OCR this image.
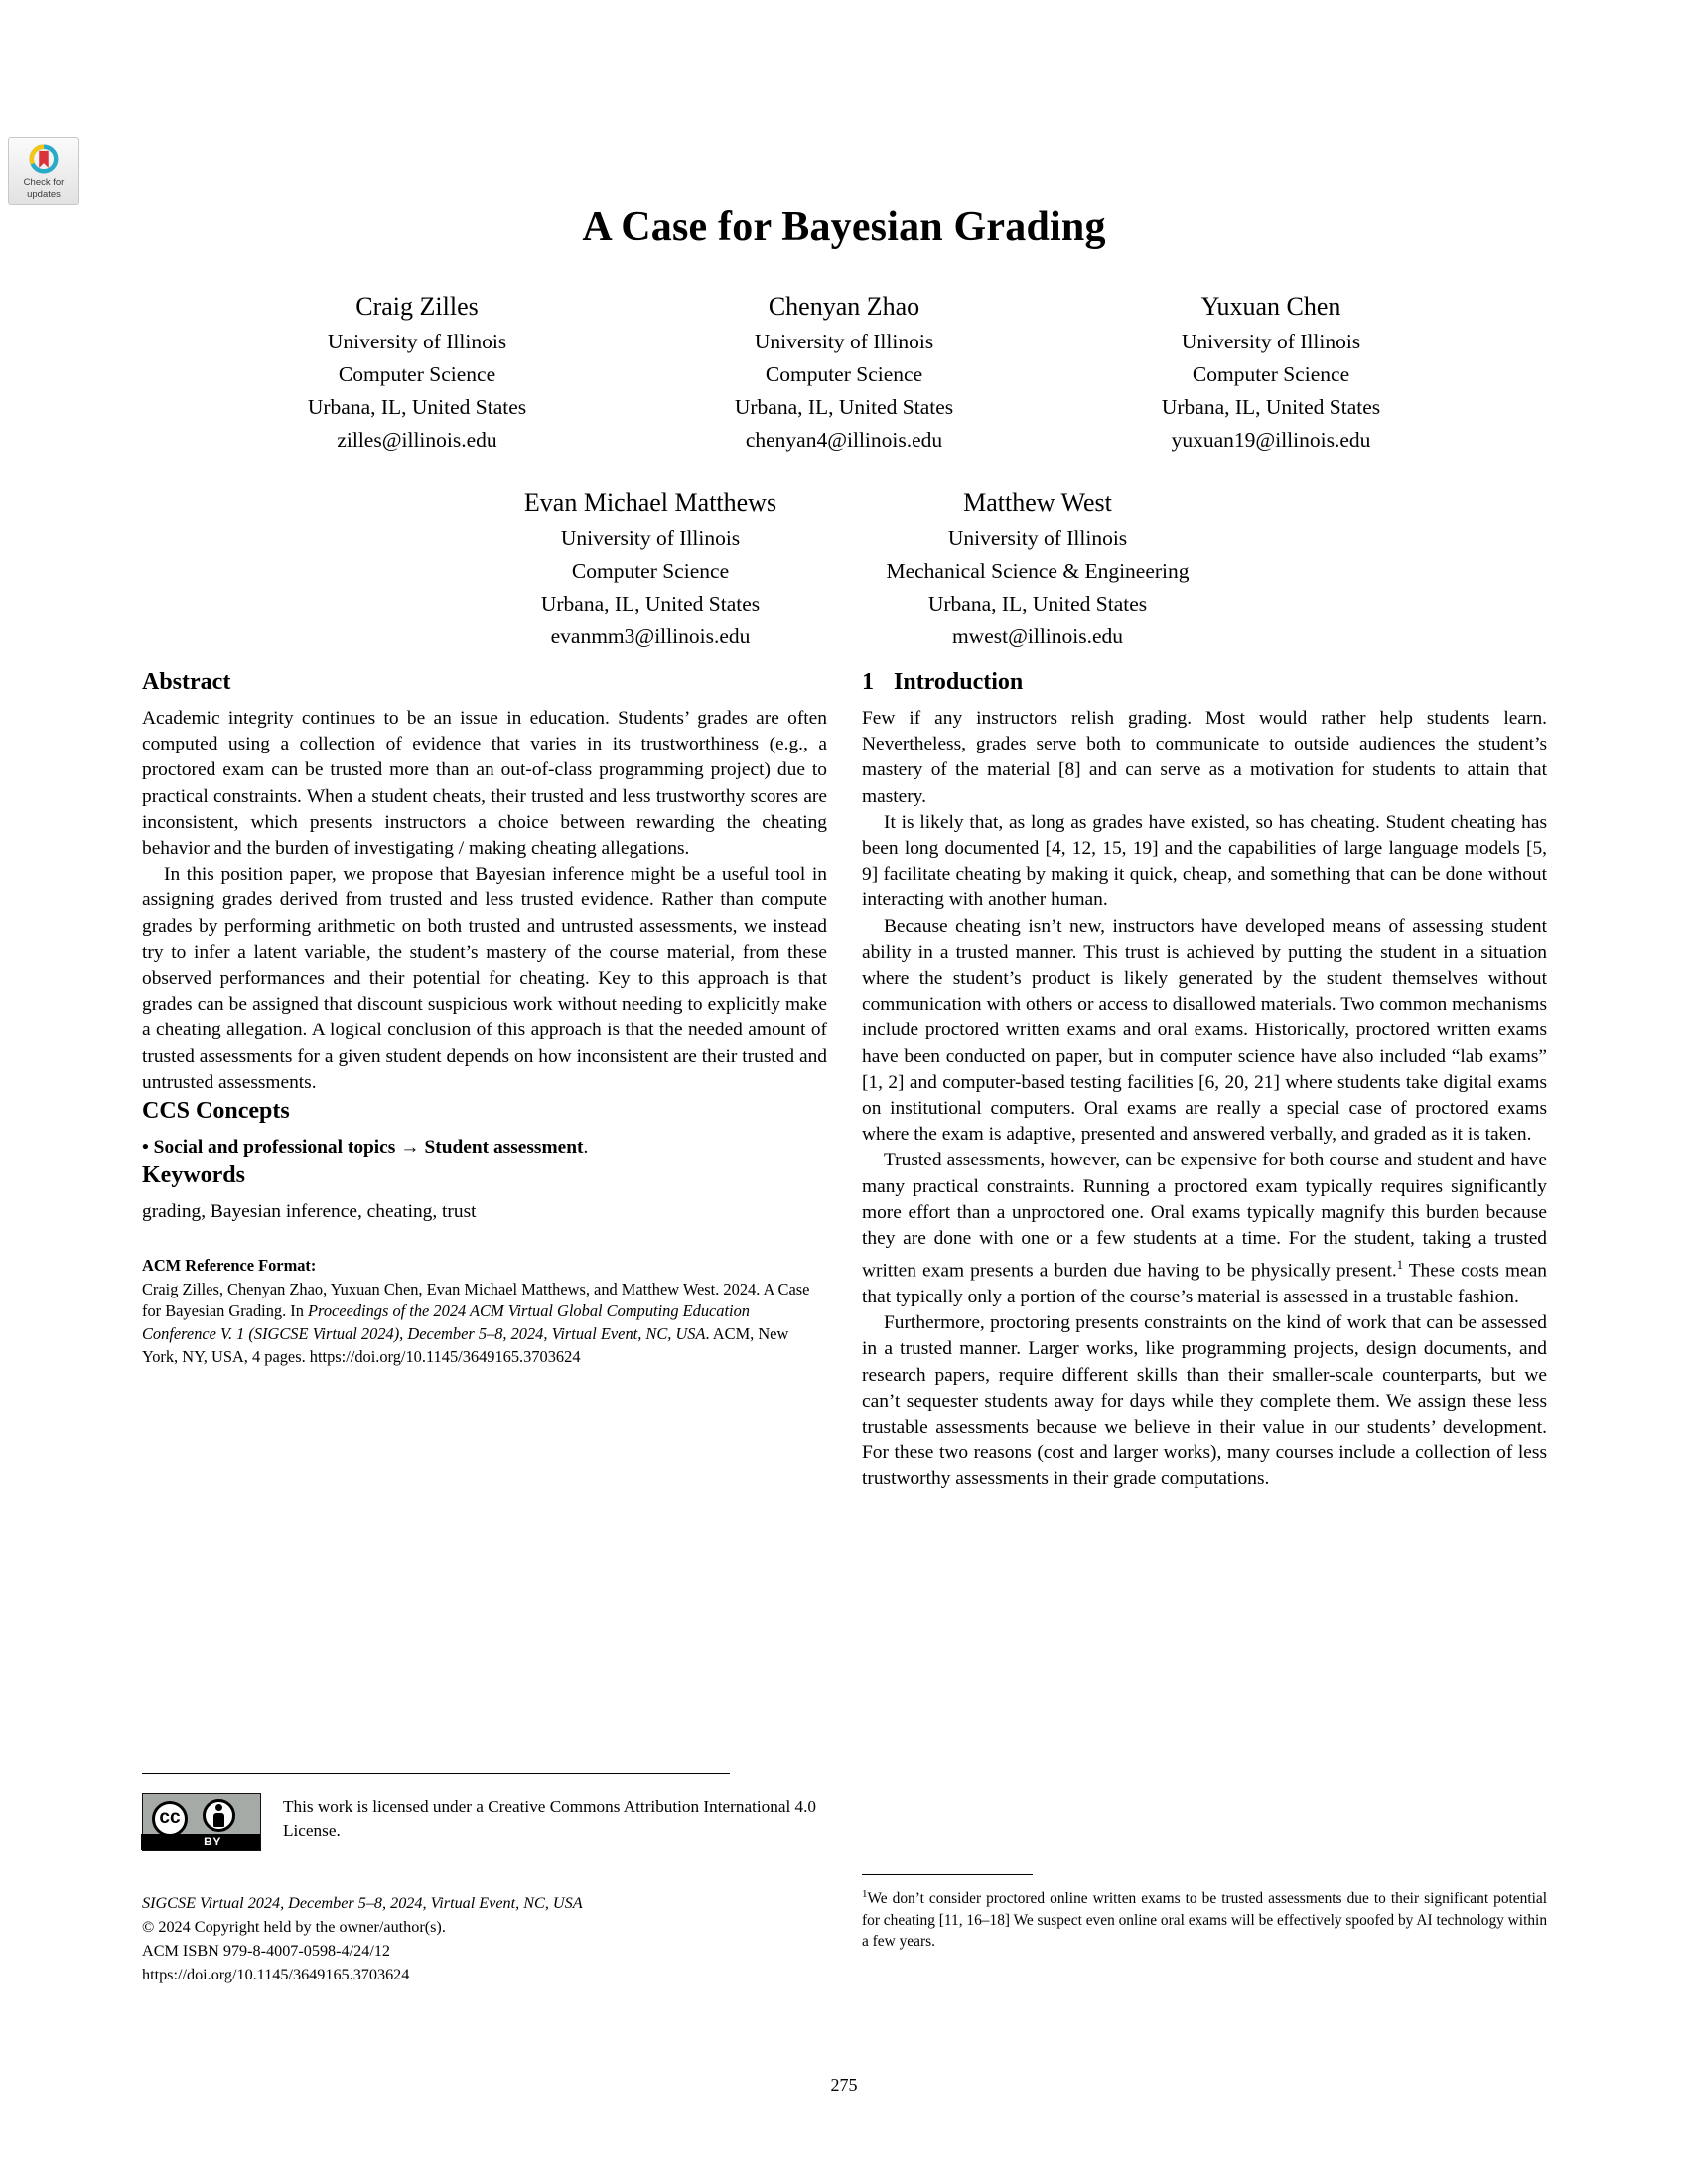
Check for
updates
A Case for Bayesian Grading
Craig Zilles
University of Illinois
Computer Science
Urbana, IL, United States
zilles@illinois.edu
Chenyan Zhao
University of Illinois
Computer Science
Urbana, IL, United States
chenyan4@illinois.edu
Yuxuan Chen
University of Illinois
Computer Science
Urbana, IL, United States
yuxuan19@illinois.edu
Evan Michael Matthews
University of Illinois
Computer Science
Urbana, IL, United States
evanmm3@illinois.edu
Matthew West
University of Illinois
Mechanical Science & Engineering
Urbana, IL, United States
mwest@illinois.edu
Abstract

Academic integrity continues to be an issue in education. Students’ grades are often computed using a collection of evidence that varies in its trustworthiness (e.g., a proctored exam can be trusted more than an out-of-class programming project) due to practical constraints. When a student cheats, their trusted and less trustworthy scores are inconsistent, which presents instructors a choice between rewarding the cheating behavior and the burden of investigating / making cheating allegations.

In this position paper, we propose that Bayesian inference might be a useful tool in assigning grades derived from trusted and less trusted evidence. Rather than compute grades by performing arithmetic on both trusted and untrusted assessments, we instead try to infer a latent variable, the student’s mastery of the course material, from these observed performances and their potential for cheating. Key to this approach is that grades can be assigned that discount suspicious work without needing to explicitly make a cheating allegation. A logical conclusion of this approach is that the needed amount of trusted assessments for a given student depends on how inconsistent are their trusted and untrusted assessments.

CCS Concepts

• Social and professional topics → Student assessment.

Keywords

grading, Bayesian inference, cheating, trust

ACM Reference Format:
Craig Zilles, Chenyan Zhao, Yuxuan Chen, Evan Michael Matthews, and Matthew West. 2024. A Case for Bayesian Grading. In Proceedings of the 2024 ACM Virtual Global Computing Education Conference V. 1 (SIGCSE Virtual 2024), December 5–8, 2024, Virtual Event, NC, USA. ACM, New York, NY, USA, 4 pages. https://doi.org/10.1145/3649165.3703624
cc
BY
This work is licensed under a Creative Commons Attribution International 4.0 License.
SIGCSE Virtual 2024, December 5–8, 2024, Virtual Event, NC, USA
© 2024 Copyright held by the owner/author(s).
ACM ISBN 979-8-4007-0598-4/24/12
https://doi.org/10.1145/3649165.3703624
1 Introduction

Few if any instructors relish grading. Most would rather help students learn. Nevertheless, grades serve both to communicate to outside audiences the student’s mastery of the material [8] and can serve as a motivation for students to attain that mastery.

It is likely that, as long as grades have existed, so has cheating. Student cheating has been long documented [4, 12, 15, 19] and the capabilities of large language models [5, 9] facilitate cheating by making it quick, cheap, and something that can be done without interacting with another human.

Because cheating isn’t new, instructors have developed means of assessing student ability in a trusted manner. This trust is achieved by putting the student in a situation where the student’s product is likely generated by the student themselves without communication with others or access to disallowed materials. Two common mechanisms include proctored written exams and oral exams. Historically, proctored written exams have been conducted on paper, but in computer science have also included “lab exams” [1, 2] and computer-based testing facilities [6, 20, 21] where students take digital exams on institutional computers. Oral exams are really a special case of proctored exams where the exam is adaptive, presented and answered verbally, and graded as it is taken.

Trusted assessments, however, can be expensive for both course and student and have many practical constraints. Running a proctored exam typically requires significantly more effort than a unproctored one. Oral exams typically magnify this burden because they are done with one or a few students at a time. For the student, taking a trusted written exam presents a burden due having to be physically present.$^1$ These costs mean that typically only a portion of the course’s material is assessed in a trustable fashion.

Furthermore, proctoring presents constraints on the kind of work that can be assessed in a trusted manner. Larger works, like programming projects, design documents, and research papers, require different skills than their smaller-scale counterparts, but we can’t sequester students away for days while they complete them. We assign these less trustable assessments because we believe in their value in our students’ development. For these two reasons (cost and larger works), many courses include a collection of less trustworthy assessments in their grade computations.

$^1$We don’t consider proctored online written exams to be trusted assessments due to their significant potential for cheating [11, 16–18] We suspect even online oral exams will be effectively spoofed by AI technology within a few years.
275
